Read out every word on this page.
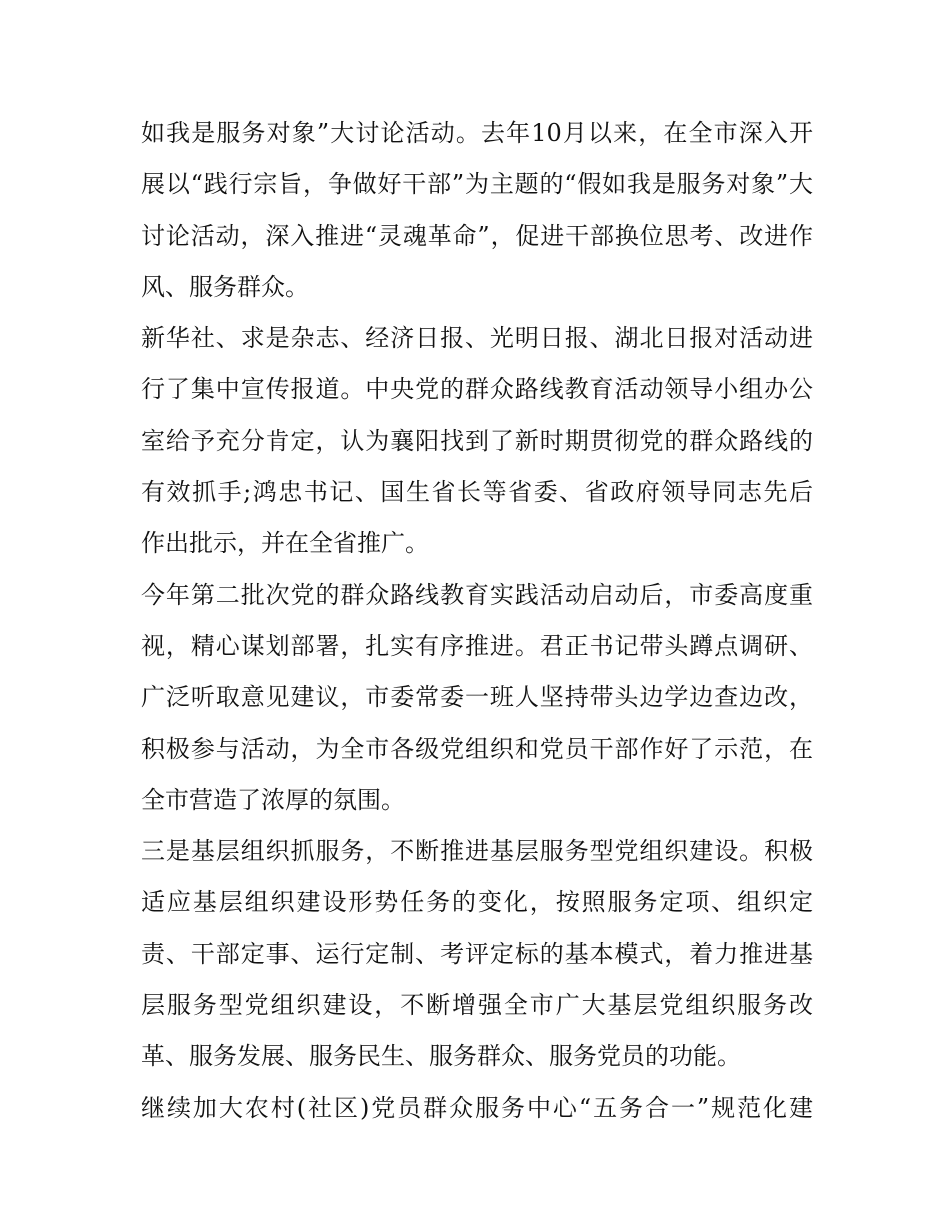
如我是服务对象”大讨论活动。去年10月以来，在全市深入开
展以“践行宗旨，争做好干部”为主题的“假如我是服务对象”大
讨论活动，深入推进“灵魂革命”，促进干部换位思考、改进作
风、服务群众。
新华社、求是杂志、经济日报、光明日报、湖北日报对活动进
行了集中宣传报道。中央党的群众路线教育活动领导小组办公
室给予充分肯定，认为襄阳找到了新时期贯彻党的群众路线的
有效抓手;鸿忠书记、国生省长等省委、省政府领导同志先后
作出批示，并在全省推广。
今年第二批次党的群众路线教育实践活动启动后，市委高度重
视，精心谋划部署，扎实有序推进。君正书记带头蹲点调研、
广泛听取意见建议，市委常委一班人坚持带头边学边查边改，
积极参与活动，为全市各级党组织和党员干部作好了示范，在
全市营造了浓厚的氛围。
三是基层组织抓服务，不断推进基层服务型党组织建设。积极
适应基层组织建设形势任务的变化，按照服务定项、组织定
责、干部定事、运行定制、考评定标的基本模式，着力推进基
层服务型党组织建设，不断增强全市广大基层党组织服务改
革、服务发展、服务民生、服务群众、服务党员的功能。
继续加大农村(社区)党员群众服务中心“五务合一”规范化建
